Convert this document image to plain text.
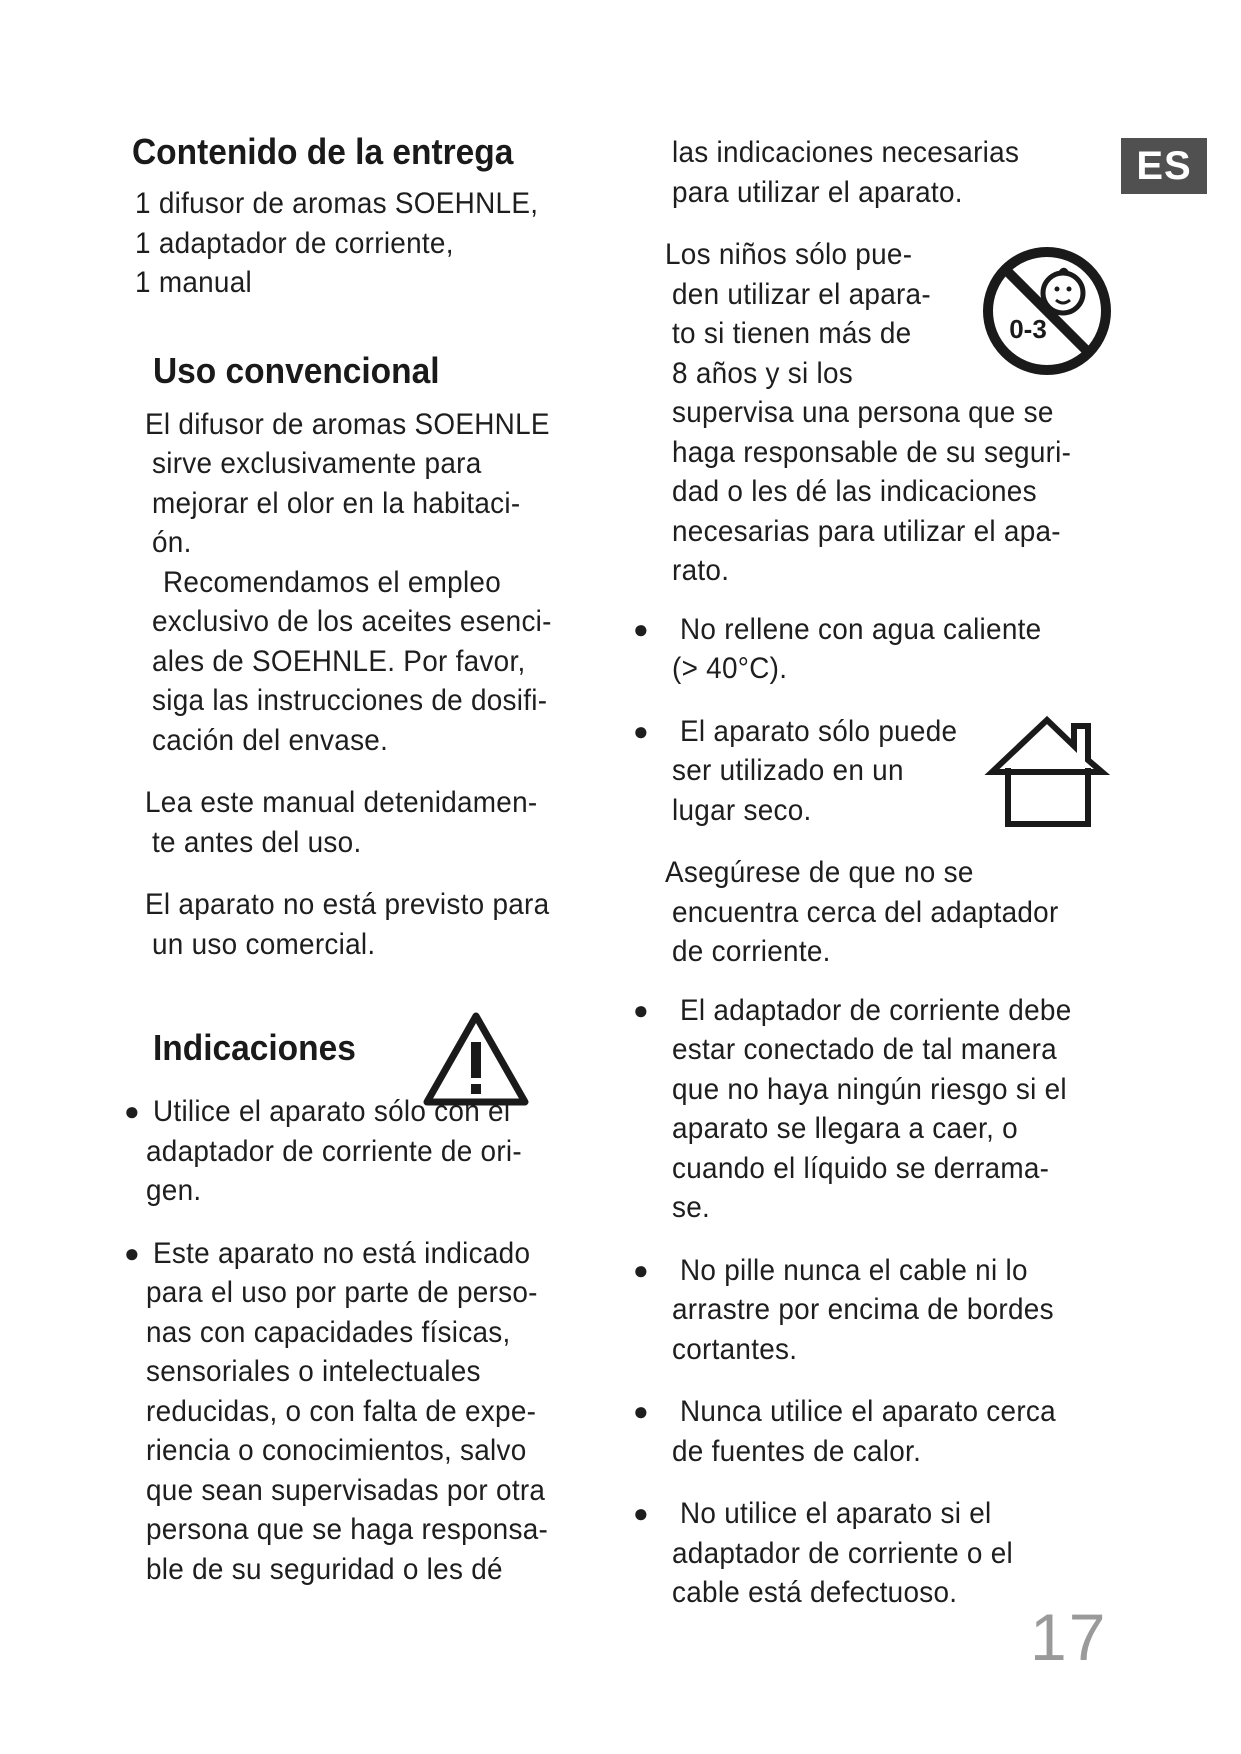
ES
Contenido de la entrega
1 difusor de aromas SOEHNLE,
1 adaptador de corriente,
1 manual
Uso convencional
El difusor de aromas SOEHNLE
sirve exclusivamente para
mejorar el olor en la habitaci-
ón.
Recomendamos el empleo
exclusivo de los aceites esenci-
ales de SOEHNLE. Por favor,
siga las instrucciones de dosifi-
cación del envase.
Lea este manual detenidamen-
te antes del uso.
El aparato no está previsto para
un uso comercial.
Indicaciones
● Utilice el aparato sólo con el
adaptador de corriente de ori-
gen.
● Este aparato no está indicado
para el uso por parte de perso-
nas con capacidades físicas,
sensoriales o intelectuales
reducidas, o con falta de expe-
riencia o conocimientos, salvo
que sean supervisadas por otra
persona que se haga responsa-
ble de su seguridad o les dé
las indicaciones necesarias
para utilizar el aparato.
Los niños sólo pue-
den utilizar el apara-
to si tienen más de
8 años y si los
supervisa una persona que se
haga responsable de su seguri-
dad o les dé las indicaciones
necesarias para utilizar el apa-
rato.
● No rellene con agua caliente
(> 40°C).
● El aparato sólo puede
ser utilizado en un
lugar seco.
Asegúrese de que no se
encuentra cerca del adaptador
de corriente.
● El adaptador de corriente debe
estar conectado de tal manera
que no haya ningún riesgo si el
aparato se llegara a caer, o
cuando el líquido se derrama-
se.
● No pille nunca el cable ni lo
arrastre por encima de bordes
cortantes.
● Nunca utilice el aparato cerca
de fuentes de calor.
● No utilice el aparato si el
adaptador de corriente o el
cable está defectuoso.
0-3
17
